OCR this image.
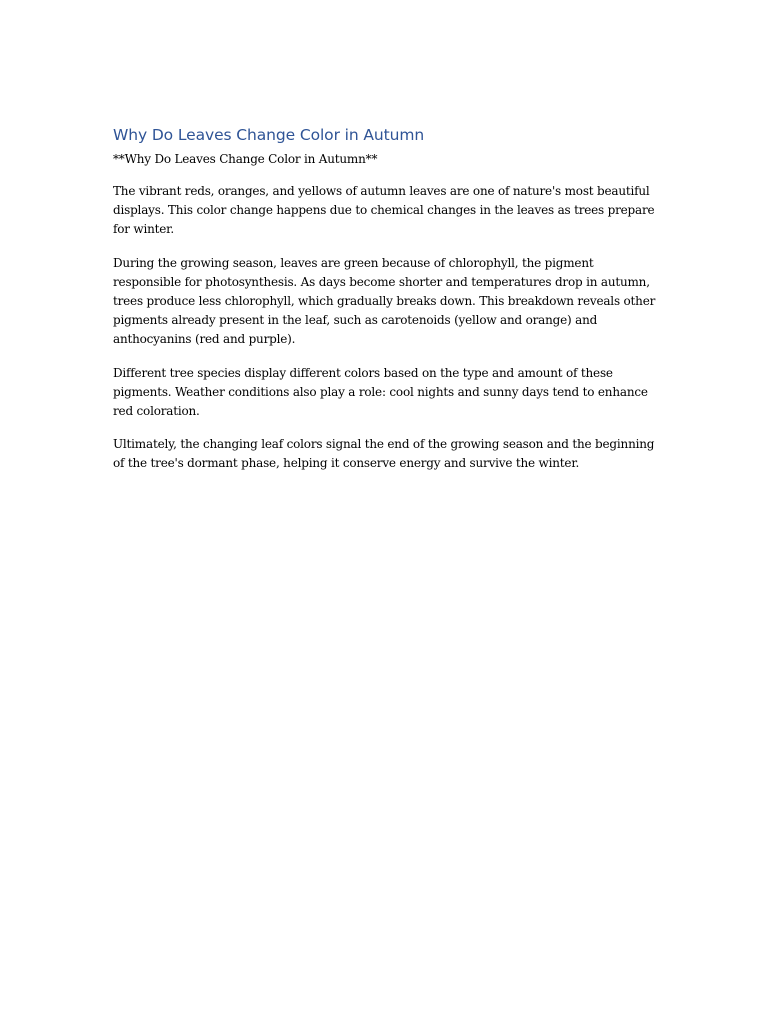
Why Do Leaves Change Color in Autumn

**Why Do Leaves Change Color in Autumn**

The vibrant reds, oranges, and yellows of autumn leaves are one of nature's most beautiful displays. This color change happens due to chemical changes in the leaves as trees prepare for winter.

During the growing season, leaves are green because of chlorophyll, the pigment responsible for photosynthesis. As days become shorter and temperatures drop in autumn, trees produce less chlorophyll, which gradually breaks down. This breakdown reveals other pigments already present in the leaf, such as carotenoids (yellow and orange) and anthocyanins (red and purple).

Different tree species display different colors based on the type and amount of these pigments. Weather conditions also play a role: cool nights and sunny days tend to enhance red coloration.

Ultimately, the changing leaf colors signal the end of the growing season and the beginning of the tree's dormant phase, helping it conserve energy and survive the winter.
